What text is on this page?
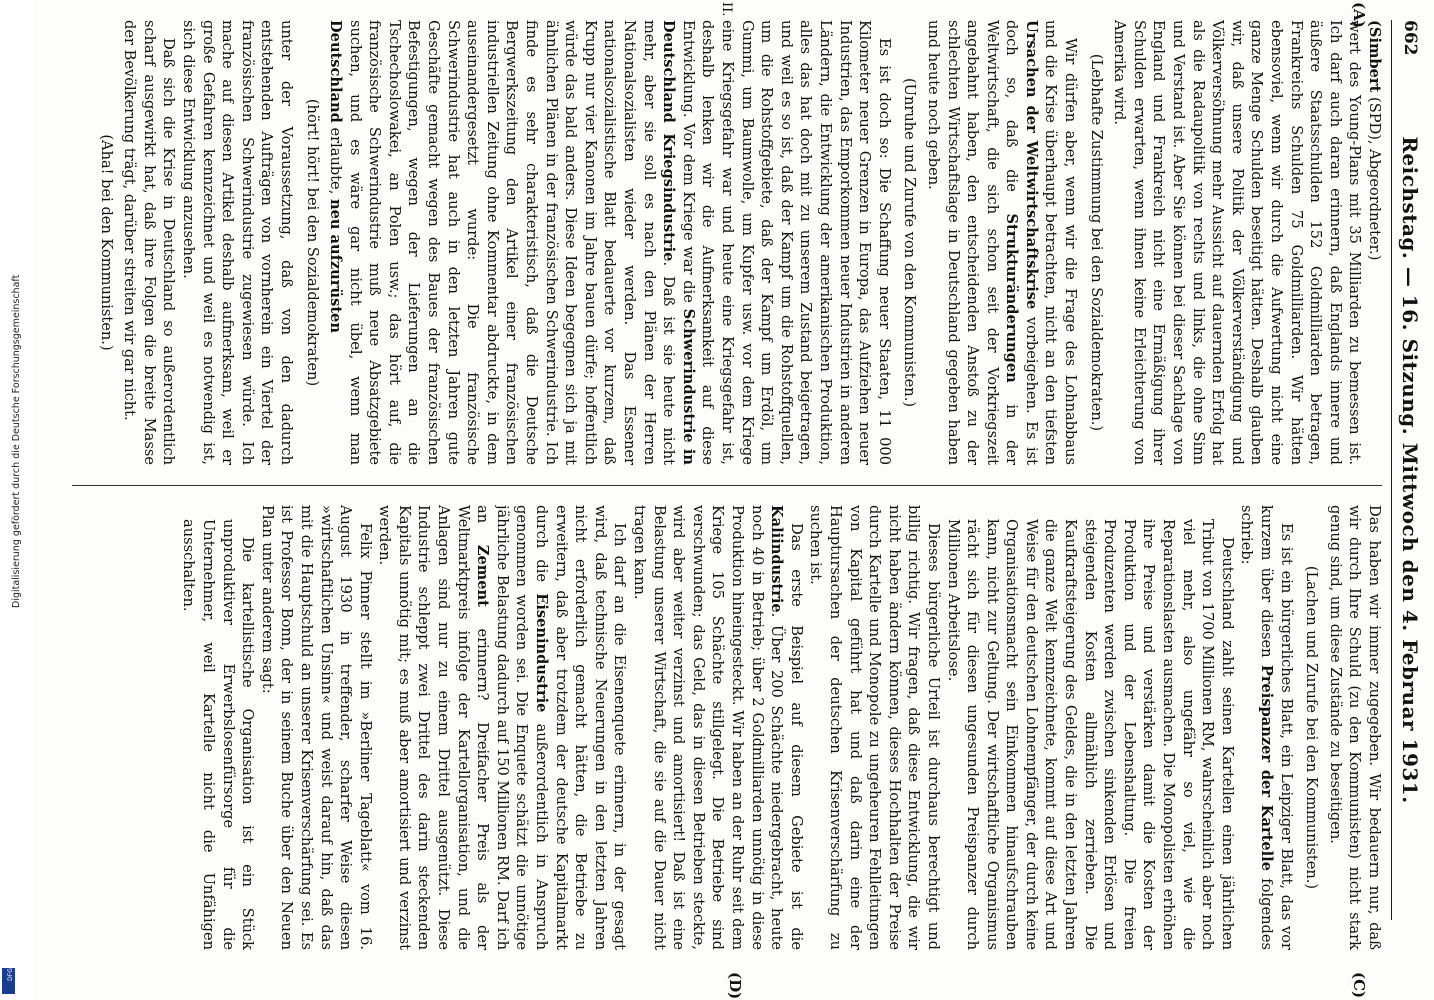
662
Reichstag. — 16. Sitzung. Mittwoch den 4. Februar 1931.
(A)
II.
(C)
(D)

(Simbert (SPD), Abgeordneter.)

wert des Young-Plans mit 35 Milliarden zu bemessen ist. Ich darf auch daran erinnern, daß Englands innere und äußere Staatsschulden 152 Goldmilliarden betragen, Frankreichs Schulden 75 Goldmilliarden. Wir hätten ebensoviel, wenn wir durch die Aufwertung nicht eine ganze Menge Schulden beseitigt hätten. Deshalb glauben wir, daß unsere Politik der Völkerverständigung und Völkerversöhnung mehr Aussicht auf dauernden Erfolg hat als die Radaupolitik von rechts und links, die ohne Sinn und Verstand ist. Aber Sie können bei dieser Sachlage von England und Frankreich nicht eine Ermäßigung ihrer Schulden erwarten, wenn ihnen keine Erleichterung von Amerika wird.

(Lebhafte Zustimmung bei den Sozialdemokraten.)

Wir dürfen aber, wenn wir die Frage des Lohnabbaus und die Krise überhaupt betrachten, nicht an den tiefsten Ursachen der Weltwirtschaftskrise vorbeigehen. Es ist doch so, daß die Strukturänderungen in der Weltwirtschaft, die sich schon seit der Vorkriegszeit angebahnt haben, den entscheidenden Anstoß zu der schlechten Wirtschaftslage in Deutschland gegeben haben und heute noch geben.

(Unruhe und Zurufe von den Kommunisten.)

Es ist doch so: Die Schaffung neuer Staaten, 11 000 Kilometer neuer Grenzen in Europa, das Aufziehen neuer Industrien, das Emporkommen neuer Industrien in anderen Ländern, die Entwicklung der amerikanischen Produktion, alles das hat doch mit zu unserem Zustand beigetragen, und weil es so ist, daß der Kampf um die Rohstoffquellen, um die Rohstoffgebiete, daß der Kampf um Erdöl, um Gummi, um Baumwolle, um Kupfer usw. vor dem Kriege eine Kriegsgefahr war und heute eine Kriegsgefahr ist, deshalb lenken wir die Aufmerksamkeit auf diese Entwicklung. Vor dem Kriege war die Schwerindustrie in Deutschland Kriegsindustrie. Daß ist sie heute nicht mehr, aber sie soll es nach den Plänen der Herren Nationalsozialisten wieder werden. Das Essener nationalsozialistische Blatt bedauerte vor kurzem, daß Krupp nur vier Kanonen im Jahre bauen dürfe; hoffentlich würde das bald anders. Diese Ideen begegnen sich ja mit ähnlichen Plänen in der französischen Schwerindustrie. Ich finde es sehr charakteristisch, daß die Deutsche Bergwerkszeitung den Artikel einer französischen industriellen Zeitung ohne Kommentar abdruckte, in dem auseinandergesetzt wurde: Die französische Schwerindustrie hat auch in den letzten Jahren gute Geschäfte gemacht wegen des Baues der französischen Befestigungen, wegen der Lieferungen an die Tschechoslowakei, an Polen usw.; das hört auf, die französische Schwerindustrie muß neue Absatzgebiete suchen, und es wäre gar nicht übel, wenn man Deutschland erlaubte, neu aufzurüsten

(hört! hört! bei den Sozialdemokraten)

unter der Voraussetzung, daß von den dadurch entstehenden Aufträgen von vornherein ein Viertel der französischen Schwerindustrie zugewiesen würde. Ich mache auf diesen Artikel deshalb aufmerksam, weil er große Gefahren kennzeichnet und weil es notwendig ist, sich diese Entwicklung anzusehen.

Daß sich die Krise in Deutschland so außerordentlich scharf ausgewirkt hat, daß ihre Folgen die breite Masse der Bevölkerung trägt, darüber streiten wir gar nicht.

(Aha! bei den Kommunisten.)

Das haben wir immer zugegeben. Wir bedauern nur, daß wir durch Ihre Schuld (zu den Kommunisten) nicht stark genug sind, um diese Zustände zu beseitigen.

(Lachen und Zurufe bei den Kommunisten.)

Es ist ein bürgerliches Blatt, ein Leipziger Blatt, das vor kurzem über diesen Preispanzer der Kartelle folgendes schrieb:

Deutschland zahlt seinen Kartellen einen jährlichen Tribut von 1700 Millionen RM, wahrscheinlich aber noch viel mehr, also ungefähr so viel, wie die Reparationslasten ausmachen. Die Monopolisten erhöhen ihre Preise und verstärken damit die Kosten der Produktion und der Lebenshaltung. Die freien Produzenten werden zwischen sinkenden Erlösen und steigenden Kosten allmählich zerrieben. Die Kaufkraftsteigerung des Geldes, die in den letzten Jahren die ganze Welt kennzeichnete, kommt auf diese Art und Weise für den deutschen Lohnempfänger, der durch keine Organisationsmacht sein Einkommen hinaufschrauben kann, nicht zur Geltung. Der wirtschaftliche Organismus rächt sich für diesen ungesunden Preispanzer durch Millionen Arbeitslose.

Dieses bürgerliche Urteil ist durchaus berechtigt und billig richtig. Wir fragen, daß diese Entwicklung, die wir nicht haben ändern können, dieses Hochhalten der Preise durch Kartelle und Monopole zu ungeheuren Fehlleitungen von Kapital geführt hat und daß darin eine der Hauptursachen der deutschen Krisenverschärfung zu suchen ist.

Das erste Beispiel auf diesem Gebiete ist die Kaliindustrie. Über 200 Schächte niedergebracht, heute noch 40 in Betrieb; über 2 Goldmilliarden unnötig in diese Produktion hineingesteckt. Wir haben an der Ruhr seit dem Kriege 105 Schächte stillgelegt. Die Betriebe sind verschwunden; das Geld, das in diesen Betrieben steckte, wird aber weiter verzinst und amortisiert! Daß ist eine Belastung unserer Wirtschaft, die sie auf die Dauer nicht tragen kann.

Ich darf an die Eisenenquete erinnern, in der gesagt wird, daß technische Neuerungen in den letzten Jahren nicht erforderlich gemacht hätten, die Betriebe zu erweitern, daß aber trotzdem der deutsche Kapitalmarkt durch die Eisenindustrie außerordentlich in Anspruch genommen worden sei. Die Enquete schätzt die unnötige jährliche Belastung dadurch auf 150 Millionen RM. Darf ich an Zement erinnern? Dreifacher Preis als der Weltmarktpreis infolge der Kartellorganisation, und die Anlagen sind nur zu einem Drittel ausgenützt. Diese Industrie schleppt zwei Drittel des darin steckenden Kapitals unnötig mit; es muß aber amortisiert und verzinst werden.

Felix Pinner stellt im »Berliner Tageblatt« vom 16. August 1930 in treffender, scharfer Weise diesen »wirtschaftlichen Unsinn« und weist darauf hin, daß das mit die Hauptschuld an unserer Krisenverschärfung sei. Es ist Professor Bonn, der in seinem Buche über den Neuen Plan unter anderem sagt:

Die kartellistische Organisation ist ein Stück unproduktiver Erwerbslosenfürsorge für die Unternehmer, weil Kartelle nicht die Unfähigen ausschalten.

Digitalisierung gefördert durch die Deutsche Forschungsgemeinschaft
DFG
